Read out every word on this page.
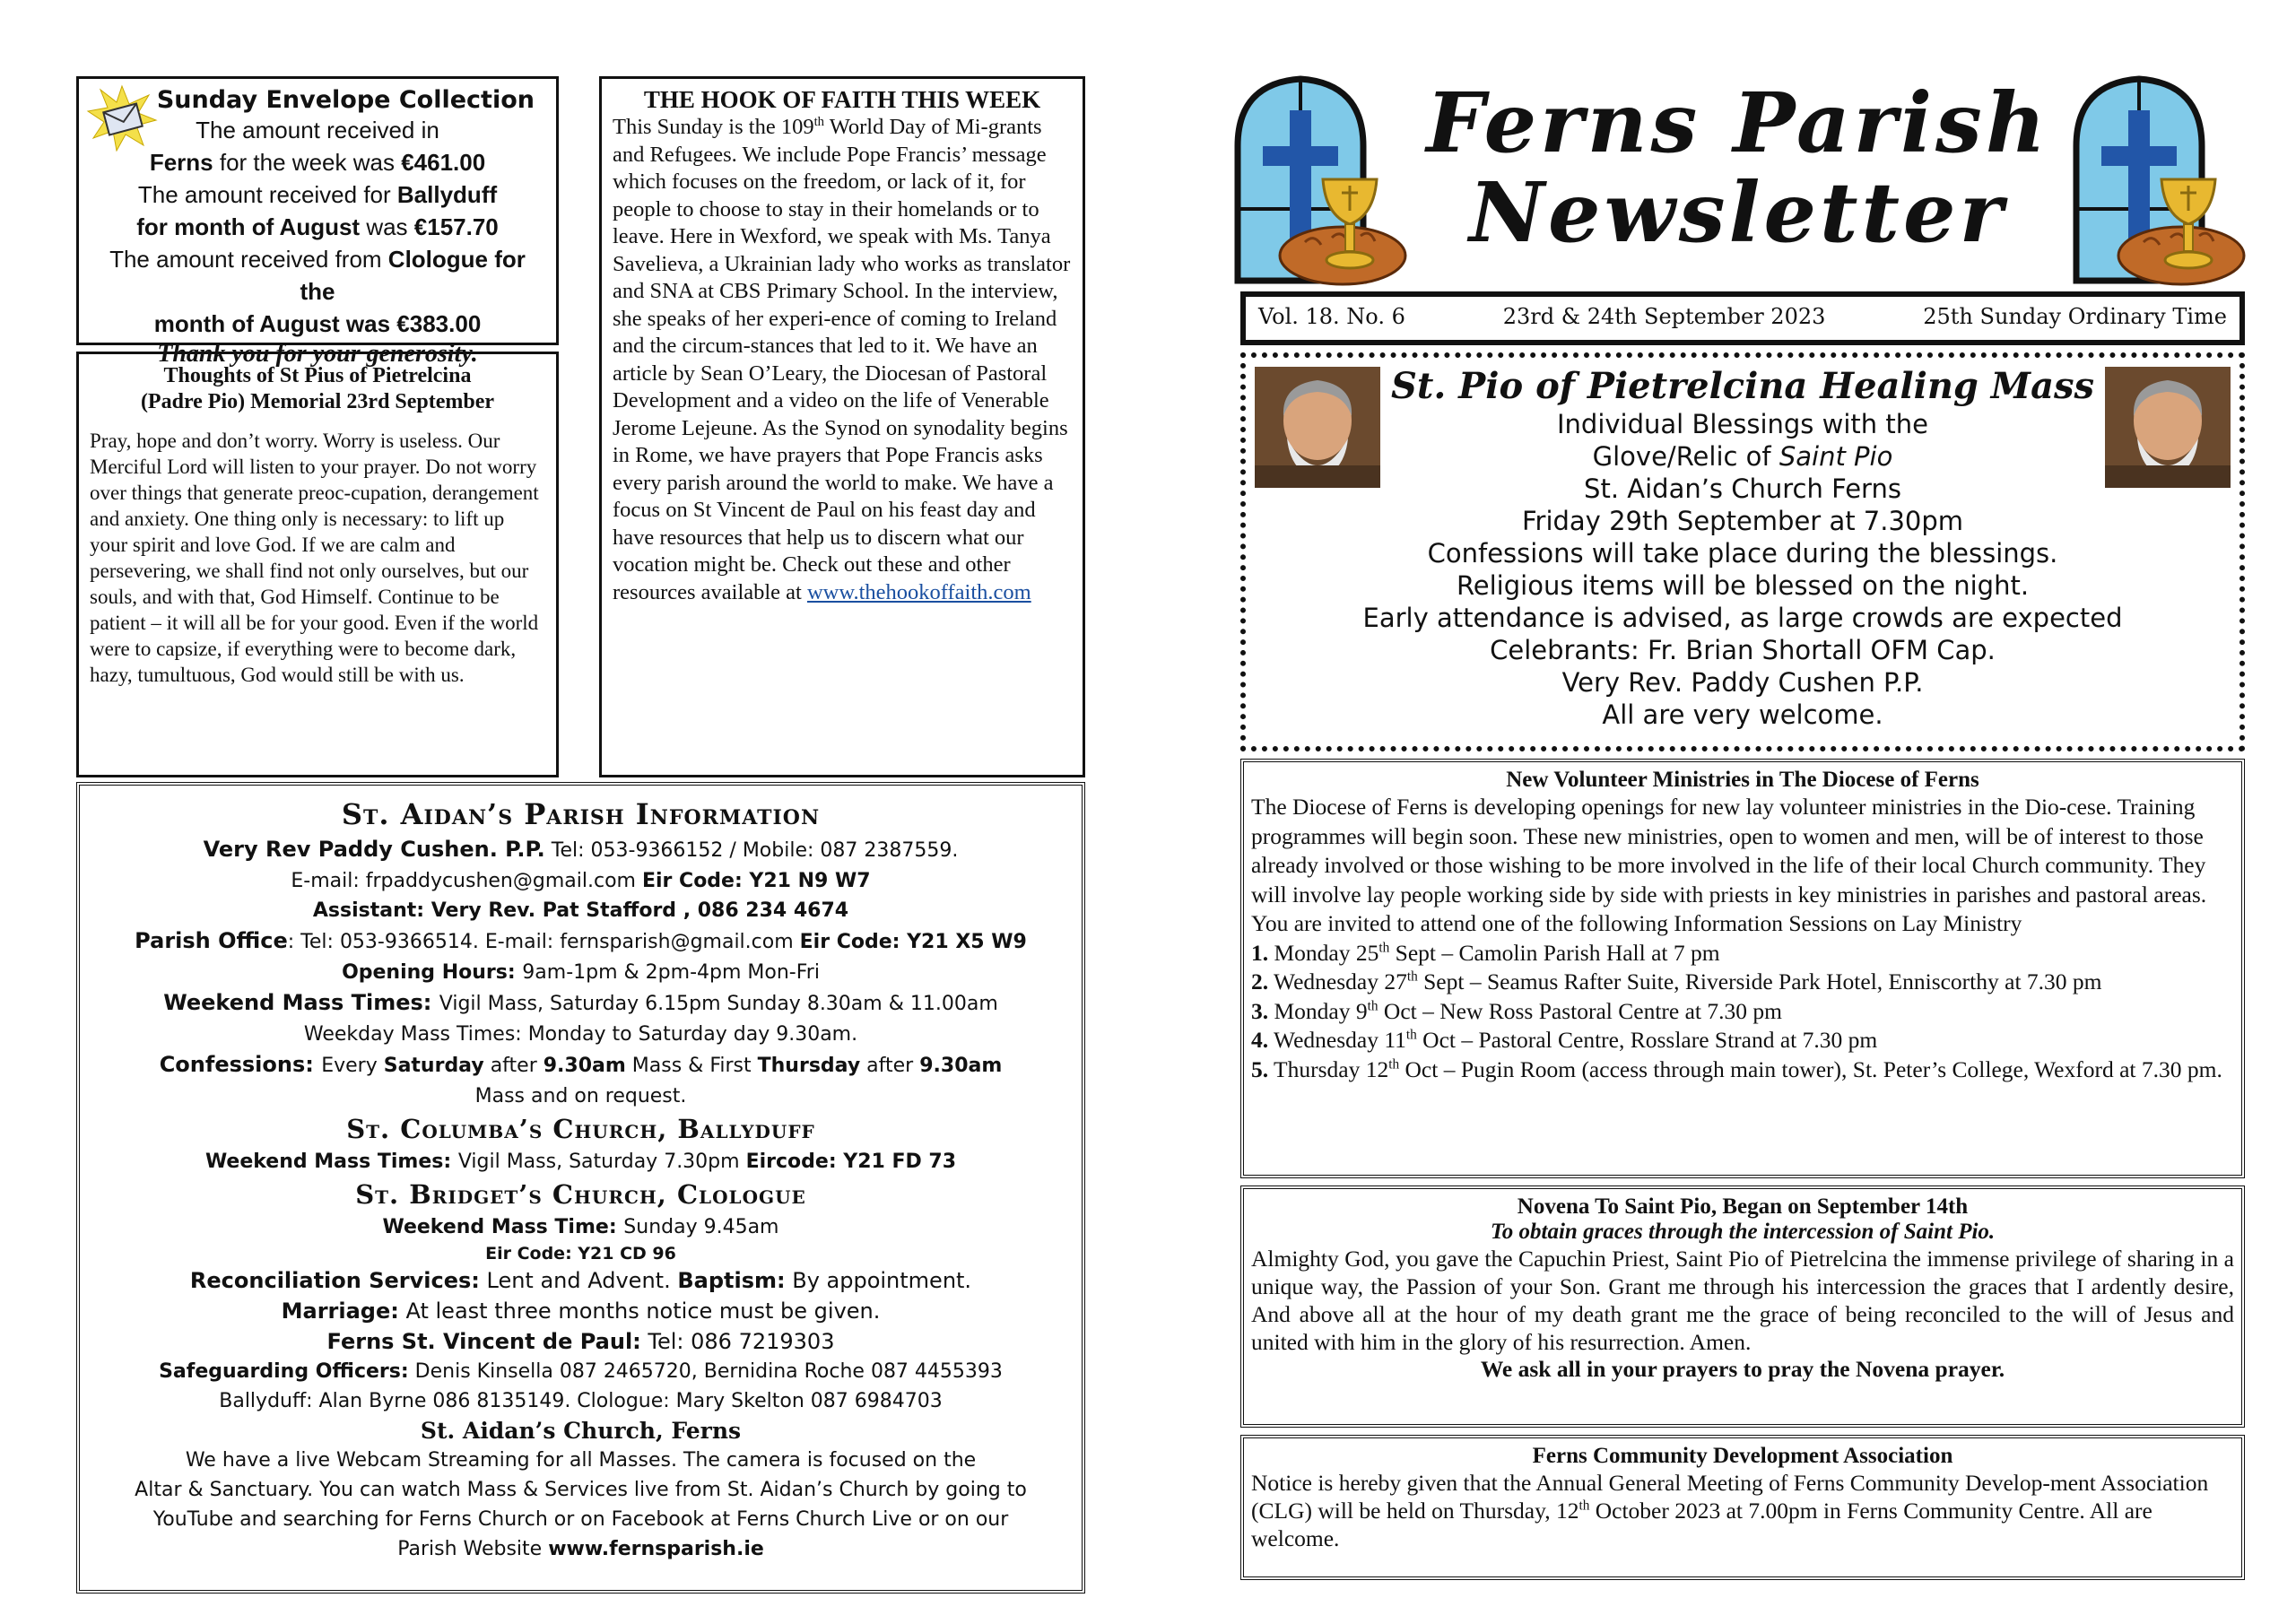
Sunday Envelope Collection
The amount received in
Ferns for the week was €461.00
The amount received for Ballyduff
for month of August was €157.70
The amount received from Clologue for the
month of August was €383.00
Thank you for your generosity.
Thoughts of St Pius of Pietrelcina
(Padre Pio) Memorial 23rd September
Pray, hope and don’t worry. Worry is useless. Our Merciful Lord will listen to your prayer. Do not worry over things that generate preoc-cupation, derangement and anxiety. One thing only is necessary: to lift up your spirit and love God. If we are calm and persevering, we shall find not only ourselves, but our souls, and with that, God Himself. Continue to be patient – it will all be for your good. Even if the world were to capsize, if everything were to become dark, hazy, tumultuous, God would still be with us.
THE HOOK OF FAITH THIS WEEK
This Sunday is the 109th World Day of Mi-grants and Refugees. We include Pope Francis’ message which focuses on the freedom, or lack of it, for people to choose to stay in their homelands or to leave. Here in Wexford, we speak with Ms. Tanya Savelieva, a Ukrainian lady who works as translator and SNA at CBS Primary School. In the interview, she speaks of her experi-ence of coming to Ireland and the circum-stances that led to it. We have an article by Sean O’Leary, the Diocesan of Pastoral Development and a video on the life of Venerable Jerome Lejeune. As the Synod on synodality begins in Rome, we have prayers that Pope Francis asks every parish around the world to make. We have a focus on St Vincent de Paul on his feast day and have resources that help us to discern what our vocation might be. Check out these and other resources available at www.thehookoffaith.com
St. Aidan’s Parish Information
Very Rev Paddy Cushen. P.P. Tel: 053-9366152 / Mobile: 087 2387559.
E-mail: frpaddycushen@gmail.com Eir Code: Y21 N9 W7
Assistant: Very Rev. Pat Stafford , 086 234 4674
Parish Office: Tel: 053-9366514. E-mail: fernsparish@gmail.com Eir Code: Y21 X5 W9
Opening Hours: 9am-1pm & 2pm-4pm Mon-Fri
Weekend Mass Times: Vigil Mass, Saturday 6.15pm Sunday 8.30am & 11.00am
Weekday Mass Times: Monday to Saturday day 9.30am.
Confessions: Every Saturday after 9.30am Mass & First Thursday after 9.30am
Mass and on request.
St. Columba’s Church, Ballyduff
Weekend Mass Times: Vigil Mass, Saturday 7.30pm Eircode: Y21 FD 73
St. Bridget’s Church, Clologue
Weekend Mass Time: Sunday 9.45am
Eir Code: Y21 CD 96
Reconciliation Services: Lent and Advent. Baptism: By appointment.
Marriage: At least three months notice must be given.
Ferns St. Vincent de Paul: Tel: 086 7219303
Safeguarding Officers: Denis Kinsella 087 2465720, Bernidina Roche 087 4455393
Ballyduff: Alan Byrne 086 8135149. Clologue: Mary Skelton 087 6984703
St. Aidan’s Church, Ferns
We have a live Webcam Streaming for all Masses. The camera is focused on the
Altar & Sanctuary. You can watch Mass & Services live from St. Aidan’s Church by going to
YouTube and searching for Ferns Church or on Facebook at Ferns Church Live or on our
Parish Website www.fernsparish.ie
Ferns Parish
Newsletter
Vol. 18. No. 6	23rd & 24th September 2023	25th Sunday Ordinary Time
St. Pio of Pietrelcina Healing Mass
Individual Blessings with the
Glove/Relic of Saint Pio
St. Aidan’s Church Ferns
Friday 29th September at 7.30pm
Confessions will take place during the blessings.
Religious items will be blessed on the night.
Early attendance is advised, as large crowds are expected
Celebrants: Fr. Brian Shortall OFM Cap.
Very Rev. Paddy Cushen P.P.
All are very welcome.
New Volunteer Ministries in The Diocese of Ferns
The Diocese of Ferns is developing openings for new lay volunteer ministries in the Dio-cese. Training programmes will begin soon. These new ministries, open to women and men, will be of interest to those already involved or those wishing to be more involved in the life of their local Church community. They will involve lay people working side by side with priests in key ministries in parishes and pastoral areas.
You are invited to attend one of the following Information Sessions on Lay Ministry
1. Monday 25th Sept – Camolin Parish Hall at 7 pm
2. Wednesday 27th Sept – Seamus Rafter Suite, Riverside Park Hotel, Enniscorthy at 7.30 pm
3. Monday 9th Oct – New Ross Pastoral Centre at 7.30 pm
4. Wednesday 11th Oct – Pastoral Centre, Rosslare Strand at 7.30 pm
5. Thursday 12th Oct – Pugin Room (access through main tower), St. Peter’s College, Wexford at 7.30 pm.
Novena To Saint Pio, Began on September 14th
To obtain graces through the intercession of Saint Pio.
Almighty God, you gave the Capuchin Priest, Saint Pio of Pietrelcina the immense privilege of sharing in a unique way, the Passion of your Son. Grant me through his intercession the graces that I ardently desire, And above all at the hour of my death grant me the grace of being reconciled to the will of Jesus and united with him in the glory of his resurrection. Amen.
We ask all in your prayers to pray the Novena prayer.
Ferns Community Development Association
Notice is hereby given that the Annual General Meeting of Ferns Community Develop-ment Association (CLG) will be held on Thursday, 12th October 2023 at 7.00pm in Ferns Community Centre. All are welcome.
